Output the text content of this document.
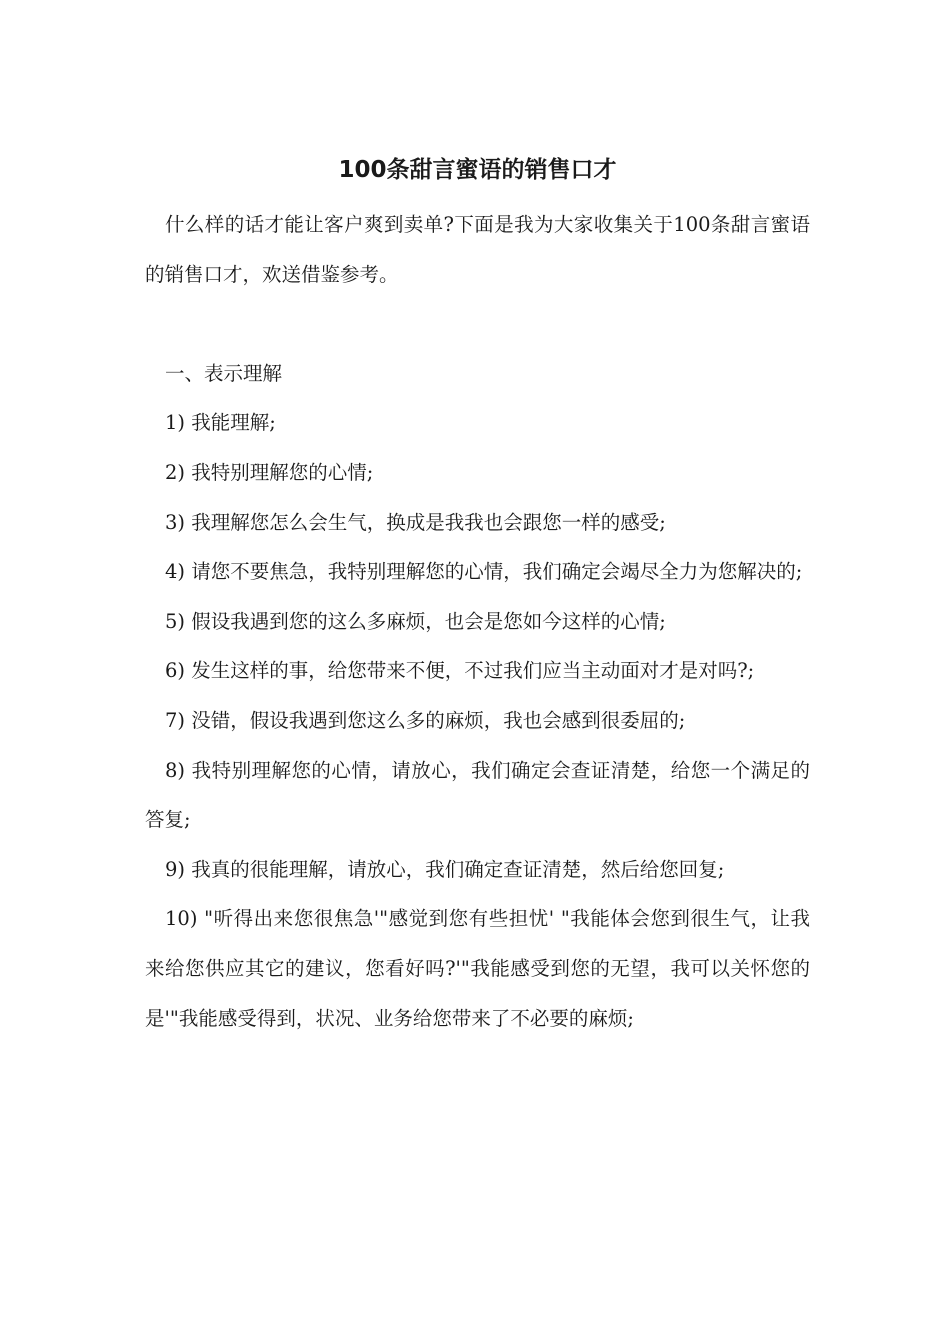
100条甜言蜜语的销售口才

什么样的话才能让客户爽到卖单?下面是我为大家收集关于100条甜言蜜语的销售口才，欢送借鉴参考。

一、表示理解

1) 我能理解;

2) 我特别理解您的心情;

3) 我理解您怎么会生气，换成是我我也会跟您一样的感受;

4) 请您不要焦急，我特别理解您的心情，我们确定会竭尽全力为您解决的;

5) 假设我遇到您的这么多麻烦，也会是您如今这样的心情;

6) 发生这样的事，给您带来不便，不过我们应当主动面对才是对吗?;

7) 没错，假设我遇到您这么多的麻烦，我也会感到很委屈的;

8) 我特别理解您的心情，请放心，我们确定会查证清楚，给您一个满足的答复;

9) 我真的很能理解，请放心，我们确定查证清楚，然后给您回复;

10) "听得出来您很焦急'"感觉到您有些担忧' "我能体会您到很生气，让我来给您供应其它的建议，您看好吗?'"我能感受到您的无望，我可以关怀您的是'"我能感受得到，状况、业务给您带来了不必要的麻烦;
